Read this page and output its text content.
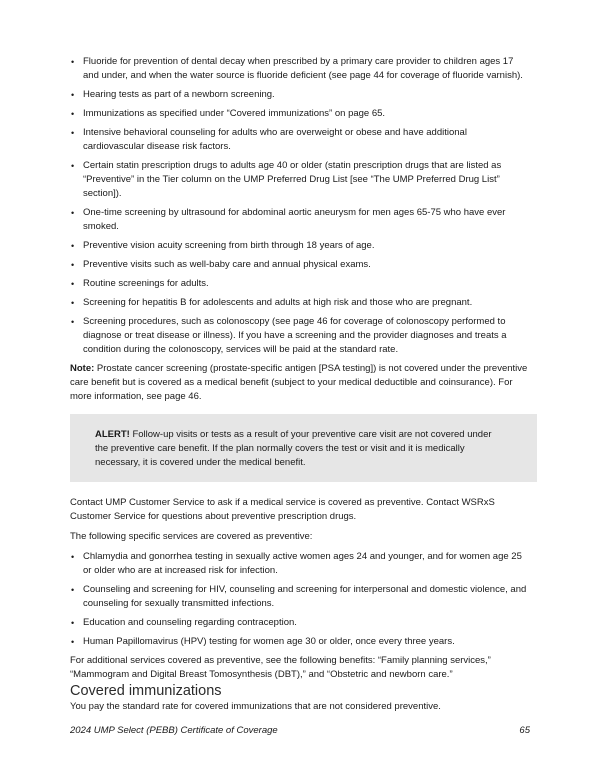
• Fluoride for prevention of dental decay when prescribed by a primary care provider to children ages 17 and under, and when the water source is fluoride deficient (see page 44 for coverage of fluoride varnish).
• Hearing tests as part of a newborn screening.
• Immunizations as specified under “Covered immunizations” on page 65.
• Intensive behavioral counseling for adults who are overweight or obese and have additional cardiovascular disease risk factors.
• Certain statin prescription drugs to adults age 40 or older (statin prescription drugs that are listed as “Preventive” in the Tier column on the UMP Preferred Drug List [see “The UMP Preferred Drug List” section]).
• One-time screening by ultrasound for abdominal aortic aneurysm for men ages 65-75 who have ever smoked.
• Preventive vision acuity screening from birth through 18 years of age.
• Preventive visits such as well-baby care and annual physical exams.
• Routine screenings for adults.
• Screening for hepatitis B for adolescents and adults at high risk and those who are pregnant.
• Screening procedures, such as colonoscopy (see page 46 for coverage of colonoscopy performed to diagnose or treat disease or illness). If you have a screening and the provider diagnoses and treats a condition during the colonoscopy, services will be paid at the standard rate.

Note: Prostate cancer screening (prostate-specific antigen [PSA testing]) is not covered under the preventive care benefit but is covered as a medical benefit (subject to your medical deductible and coinsurance). For more information, see page 46.

ALERT! Follow-up visits or tests as a result of your preventive care visit are not covered under the preventive care benefit. If the plan normally covers the test or visit and it is medically necessary, it is covered under the medical benefit.

Contact UMP Customer Service to ask if a medical service is covered as preventive. Contact WSRxS Customer Service for questions about preventive prescription drugs.

The following specific services are covered as preventive:

• Chlamydia and gonorrhea testing in sexually active women ages 24 and younger, and for women age 25 or older who are at increased risk for infection.
• Counseling and screening for HIV, counseling and screening for interpersonal and domestic violence, and counseling for sexually transmitted infections.
• Education and counseling regarding contraception.
• Human Papillomavirus (HPV) testing for women age 30 or older, once every three years.

For additional services covered as preventive, see the following benefits: “Family planning services,” “Mammogram and Digital Breast Tomosynthesis (DBT),” and “Obstetric and newborn care.”

Covered immunizations

You pay the standard rate for covered immunizations that are not considered preventive.

2024 UMP Select (PEBB) Certificate of Coverage	65
